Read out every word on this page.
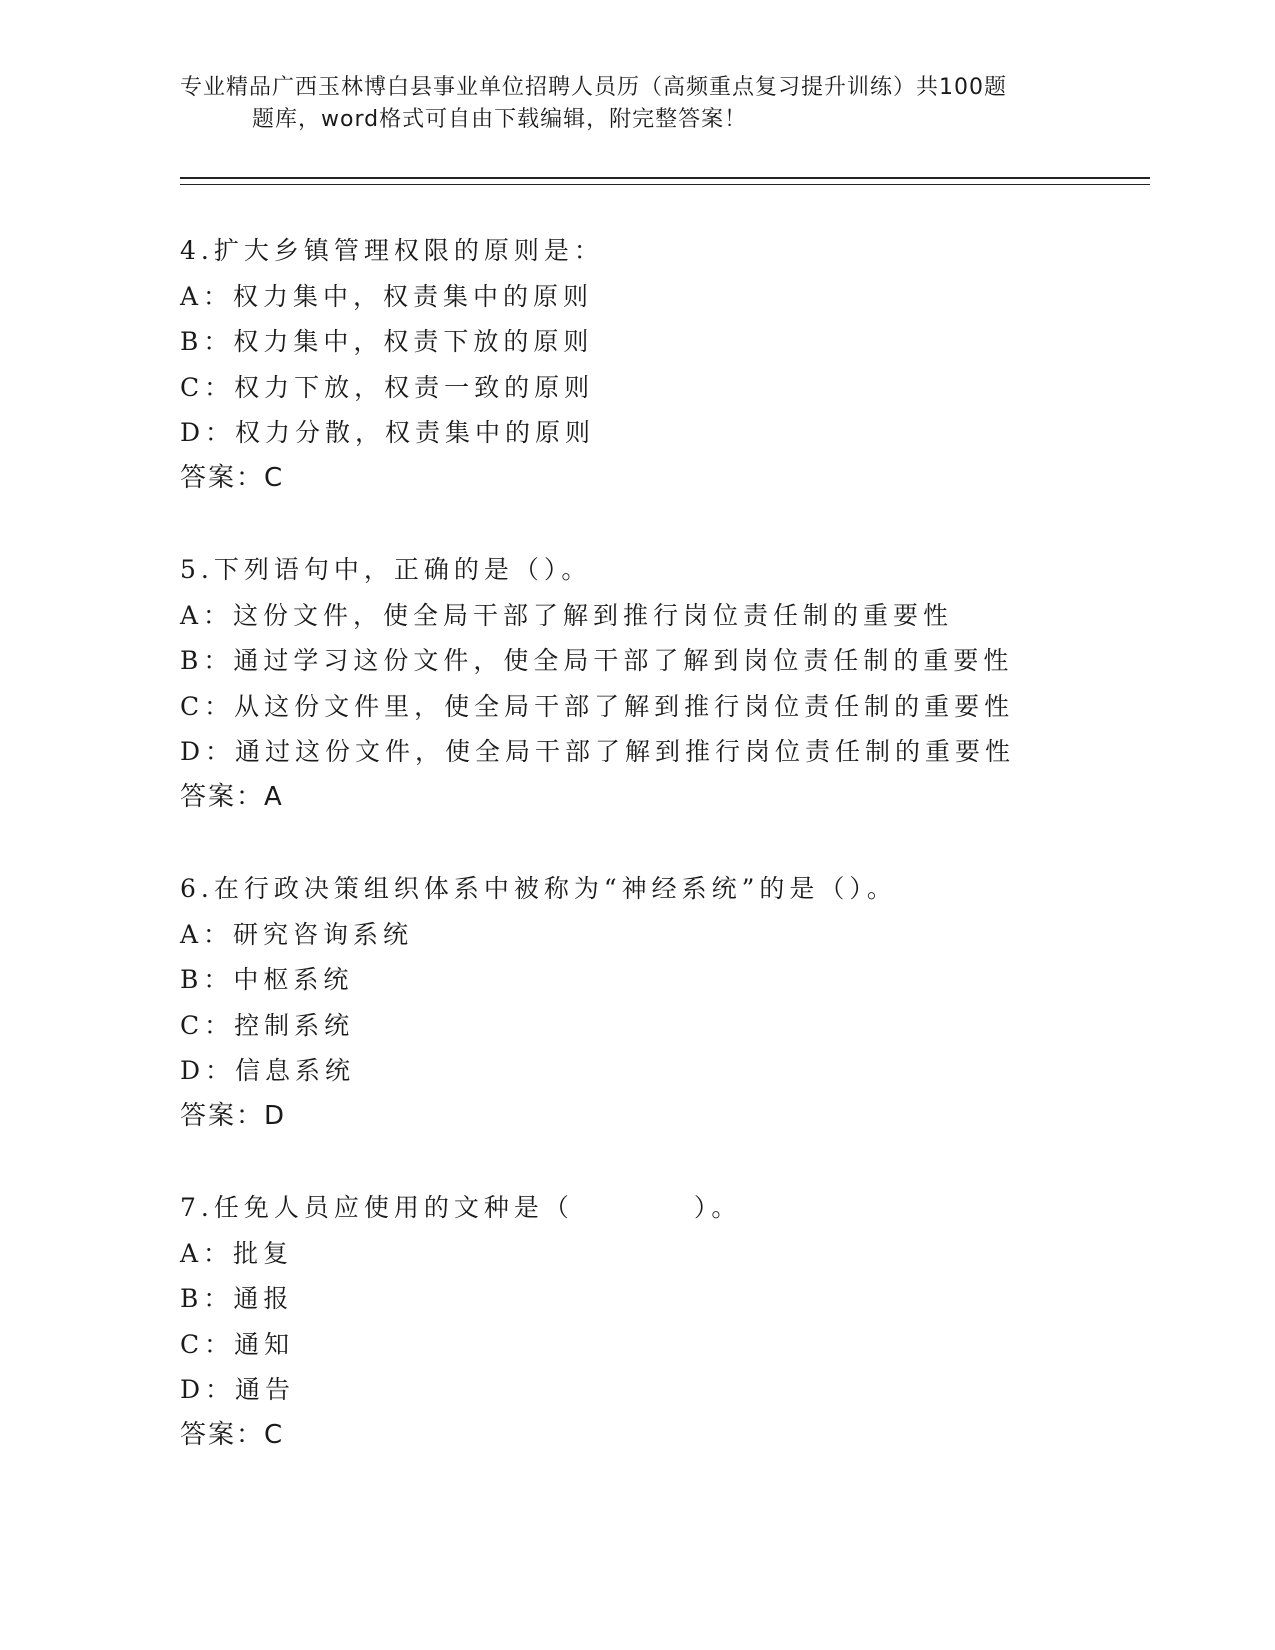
专业精品广西玉林博白县事业单位招聘人员历（高频重点复习提升训练）共100题
题库，word格式可自由下载编辑，附完整答案！
4.扩大乡镇管理权限的原则是：
A：权力集中，权责集中的原则
B：权力集中，权责下放的原则
C：权力下放，权责一致的原则
D：权力分散，权责集中的原则
答案：C
5.下列语句中，正确的是（）。
A：这份文件，使全局干部了解到推行岗位责任制的重要性
B：通过学习这份文件，使全局干部了解到岗位责任制的重要性
C：从这份文件里，使全局干部了解到推行岗位责任制的重要性
D：通过这份文件，使全局干部了解到推行岗位责任制的重要性
答案：A
6.在行政决策组织体系中被称为“神经系统”的是（）。
A：研究咨询系统
B：中枢系统
C：控制系统
D：信息系统
答案：D
7.任免人员应使用的文种是（　　　　）。
A：批复
B：通报
C：通知
D：通告
答案：C
